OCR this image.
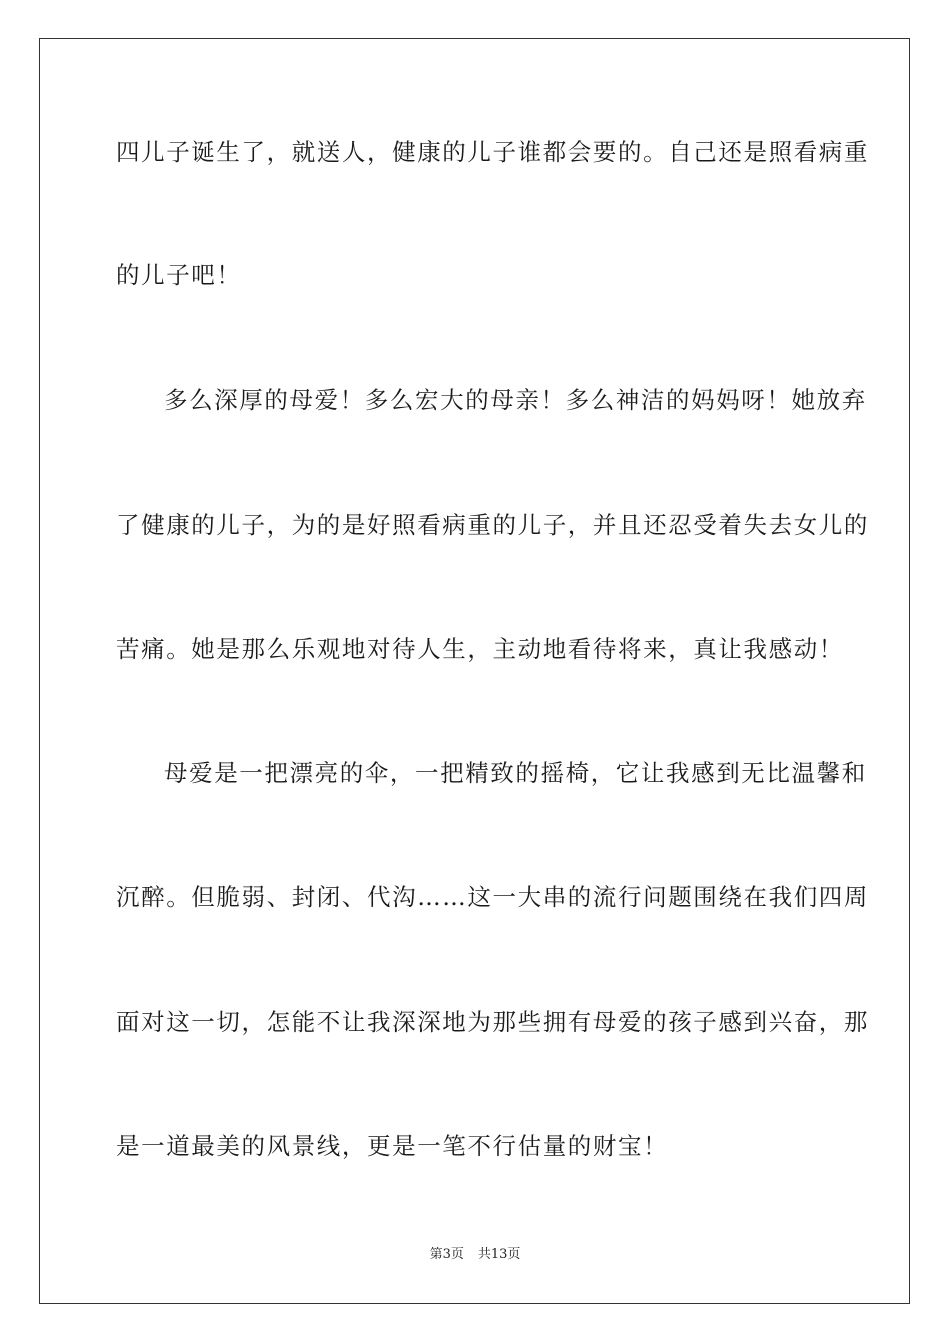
四儿子诞生了，就送人，健康的儿子谁都会要的。自己还是照看病重
的儿子吧！
多么深厚的母爱！多么宏大的母亲！多么神洁的妈妈呀！她放弃
了健康的儿子，为的是好照看病重的儿子，并且还忍受着失去女儿的
苦痛。她是那么乐观地对待人生，主动地看待将来，真让我感动！
母爱是一把漂亮的伞，一把精致的摇椅，它让我感到无比温馨和
沉醉。但脆弱、封闭、代沟……这一大串的流行问题围绕在我们四周
面对这一切，怎能不让我深深地为那些拥有母爱的孩子感到兴奋，那
是一道最美的风景线，更是一笔不行估量的财宝！
第3页 共13页
